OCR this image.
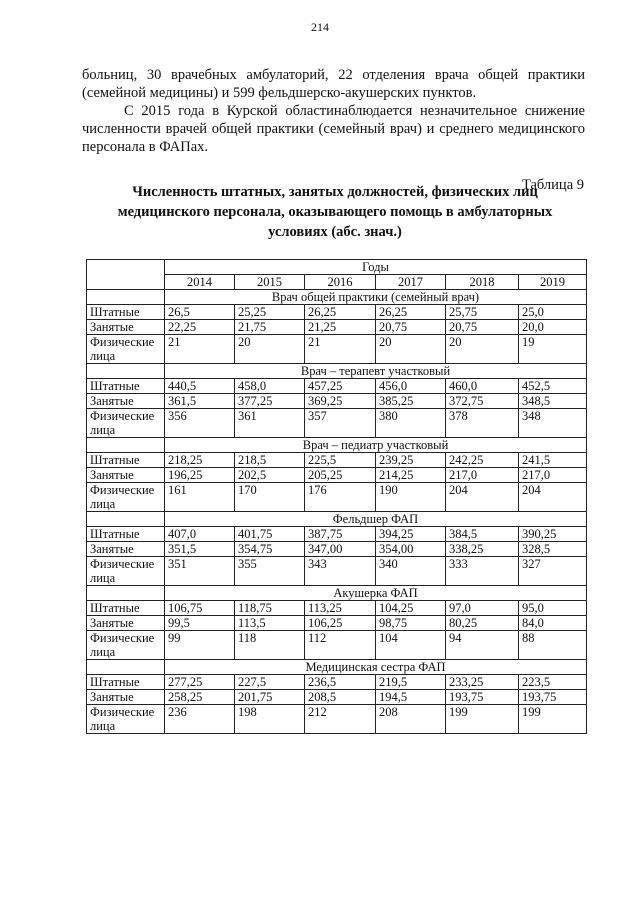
214

больниц, 30 врачебных амбулаторий, 22 отделения врача общей практики (семейной медицины) и 599 фельдшерско-акушерских пунктов.

С 2015 года в Курской областинаблюдается незначительное снижение численности врачей общей практики (семейный врач) и среднего медицинского персонала в ФАПах.

Таблица 9
Численность штатных, занятых должностей, физических лиц медицинского персонала, оказывающего помощь в амбулаторных условиях (абс. знач.)
	Годы					
	2014	2015	2016	2017	2018	2019
	Врач общей практики (семейный врач)					
Штатные	26,5	25,25	26,25	26,25	25,75	25,0
Занятые	22,25	21,75	21,25	20,75	20,75	20,0
Физические лица	21	20	21	20	20	19
	Врач – терапевт участковый					
Штатные	440,5	458,0	457,25	456,0	460,0	452,5
Занятые	361,5	377,25	369,25	385,25	372,75	348,5
Физические лица	356	361	357	380	378	348
	Врач – педиатр участковый					
Штатные	218,25	218,5	225,5	239,25	242,25	241,5
Занятые	196,25	202,5	205,25	214,25	217,0	217,0
Физические лица	161	170	176	190	204	204
	Фельдшер ФАП					
Штатные	407,0	401,75	387,75	394,25	384,5	390,25
Занятые	351,5	354,75	347,00	354,00	338,25	328,5
Физические лица	351	355	343	340	333	327
	Акушерка ФАП					
Штатные	106,75	118,75	113,25	104,25	97,0	95,0
Занятые	99,5	113,5	106,25	98,75	80,25	84,0
Физические лица	99	118	112	104	94	88
	Медицинская сестра ФАП					
Штатные	277,25	227,5	236,5	219,5	233,25	223,5
Занятые	258,25	201,75	208,5	194,5	193,75	193,75
Физические лица	236	198	212	208	199	199
